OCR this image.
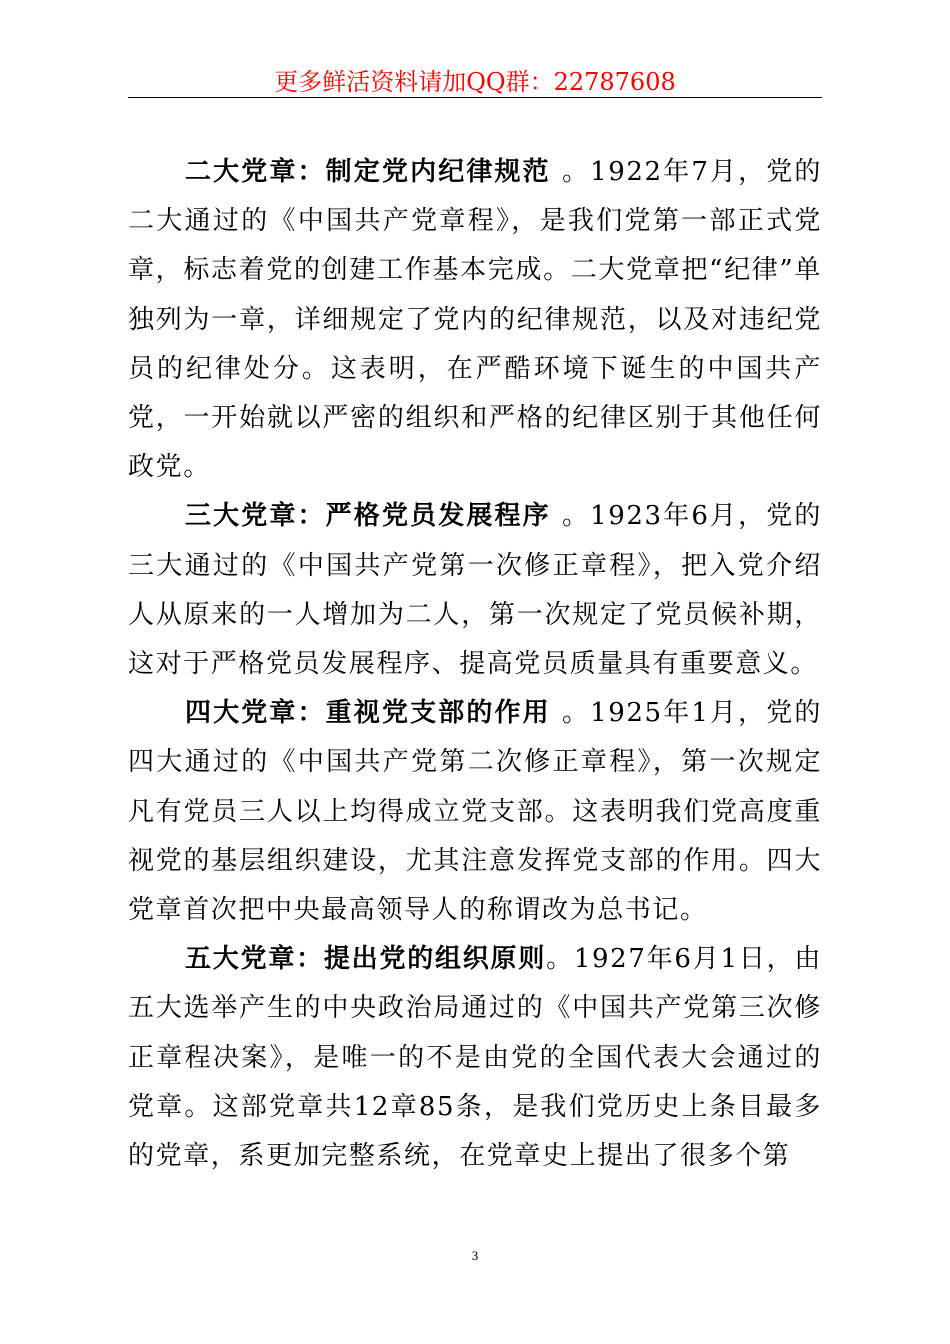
更多鲜活资料请加QQ群：22787608

二大党章：制定党内纪律规范 。1922年7月，党的二大通过的《中国共产党章程》，是我们党第一部正式党章，标志着党的创建工作基本完成。二大党章把“纪律”单独列为一章，详细规定了党内的纪律规范，以及对违纪党员的纪律处分。这表明，在严酷环境下诞生的中国共产党，一开始就以严密的组织和严格的纪律区别于其他任何政党。

三大党章：严格党员发展程序 。1923年6月，党的三大通过的《中国共产党第一次修正章程》，把入党介绍人从原来的一人增加为二人，第一次规定了党员候补期，这对于严格党员发展程序、提高党员质量具有重要意义。

四大党章：重视党支部的作用 。1925年1月，党的四大通过的《中国共产党第二次修正章程》，第一次规定凡有党员三人以上均得成立党支部。这表明我们党高度重视党的基层组织建设，尤其注意发挥党支部的作用。四大党章首次把中央最高领导人的称谓改为总书记。

五大党章：提出党的组织原则。1927年6月1日，由五大选举产生的中央政治局通过的《中国共产党第三次修正章程决案》，是唯一的不是由党的全国代表大会通过的党章。这部党章共12章85条，是我们党历史上条目最多的党章，系更加完整系统，在党章史上提出了很多个第

3
